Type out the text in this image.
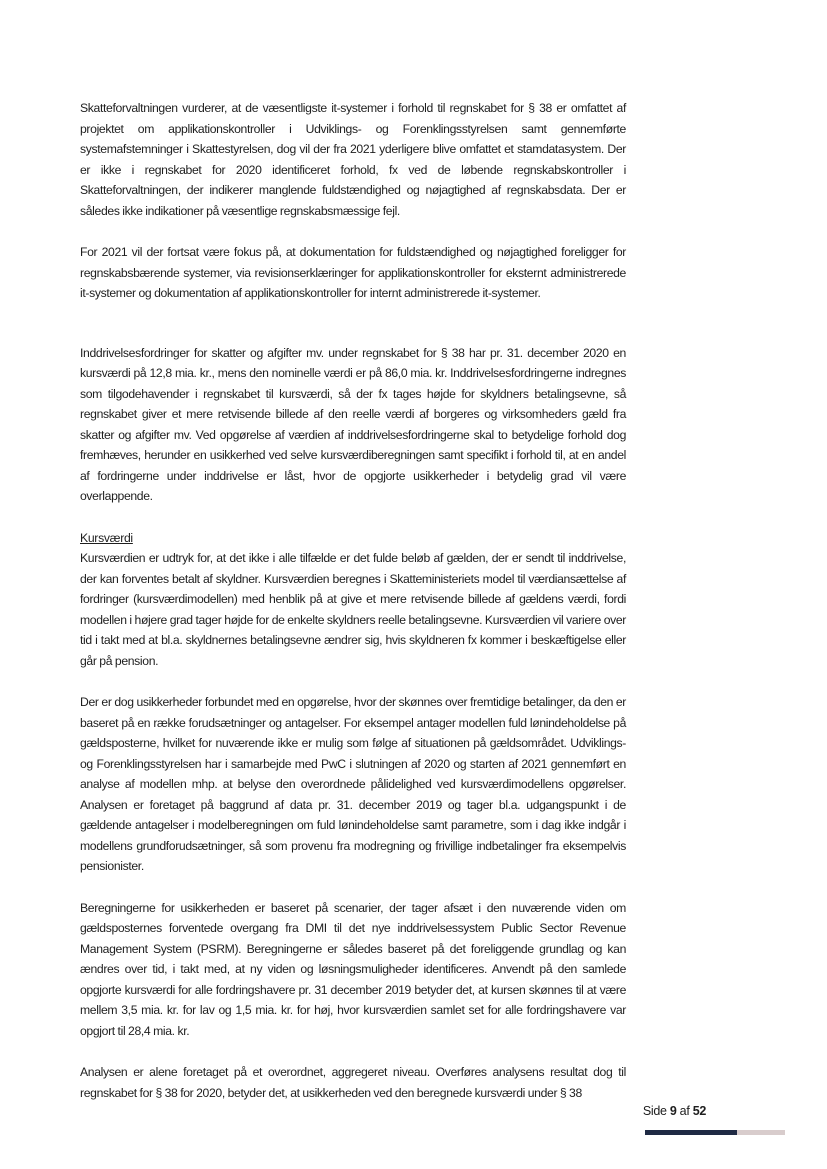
Skatteforvaltningen vurderer, at de væsentligste it-systemer i forhold til regnskabet for § 38 er omfattet af projektet om applikationskontroller i Udviklings- og Forenklingsstyrelsen samt gennemførte systemafstemninger i Skattestyrelsen, dog vil der fra 2021 yderligere blive omfattet et stamdatasystem. Der er ikke i regnskabet for 2020 identificeret forhold, fx ved de løbende regnskabskontroller i Skatteforvaltningen, der indikerer manglende fuldstændighed og nøjagtighed af regnskabsdata. Der er således ikke indikationer på væsentlige regnskabsmæssige fejl.

For 2021 vil der fortsat være fokus på, at dokumentation for fuldstændighed og nøjagtighed foreligger for regnskabsbærende systemer, via revisionserklæringer for applikationskontroller for eksternt administrerede it-systemer og dokumentation af applikationskontroller for internt administrerede it-systemer.

Inddrivelsesfordringer for skatter og afgifter mv. under regnskabet for § 38 har pr. 31. december 2020 en kursværdi på 12,8 mia. kr., mens den nominelle værdi er på 86,0 mia. kr. Inddrivelsesfordringerne indregnes som tilgodehavender i regnskabet til kursværdi, så der fx tages højde for skyldners betalingsevne, så regnskabet giver et mere retvisende billede af den reelle værdi af borgeres og virksomheders gæld fra skatter og afgifter mv. Ved opgørelse af værdien af inddrivelsesfordringerne skal to betydelige forhold dog fremhæves, herunder en usikkerhed ved selve kursværdiberegningen samt specifikt i forhold til, at en andel af fordringerne under inddrivelse er låst, hvor de opgjorte usikkerheder i betydelig grad vil være overlappende.

Kursværdi

Kursværdien er udtryk for, at det ikke i alle tilfælde er det fulde beløb af gælden, der er sendt til inddrivelse, der kan forventes betalt af skyldner. Kursværdien beregnes i Skatteministeriets model til værdiansættelse af fordringer (kursværdimodellen) med henblik på at give et mere retvisende billede af gældens værdi, fordi modellen i højere grad tager højde for de enkelte skyldners reelle betalingsevne. Kursværdien vil variere over tid i takt med at bl.a. skyldnernes betalingsevne ændrer sig, hvis skyldneren fx kommer i beskæftigelse eller går på pension.

Der er dog usikkerheder forbundet med en opgørelse, hvor der skønnes over fremtidige betalinger, da den er baseret på en række forudsætninger og antagelser. For eksempel antager modellen fuld lønindeholdelse på gældsposterne, hvilket for nuværende ikke er mulig som følge af situationen på gældsområdet. Udviklings- og Forenklingsstyrelsen har i samarbejde med PwC i slutningen af 2020 og starten af 2021 gennemført en analyse af modellen mhp. at belyse den overordnede pålidelighed ved kursværdimodellens opgørelser. Analysen er foretaget på baggrund af data pr. 31. december 2019 og tager bl.a. udgangspunkt i de gældende antagelser i modelberegningen om fuld lønindeholdelse samt parametre, som i dag ikke indgår i modellens grundforudsætninger, så som provenu fra modregning og frivillige indbetalinger fra eksempelvis pensionister.

Beregningerne for usikkerheden er baseret på scenarier, der tager afsæt i den nuværende viden om gældsposternes forventede overgang fra DMI til det nye inddrivelsessystem Public Sector Revenue Management System (PSRM). Beregningerne er således baseret på det foreliggende grundlag og kan ændres over tid, i takt med, at ny viden og løsningsmuligheder identificeres. Anvendt på den samlede opgjorte kursværdi for alle fordringshavere pr. 31 december 2019 betyder det, at kursen skønnes til at være mellem 3,5 mia. kr. for lav og 1,5 mia. kr. for høj, hvor kursværdien samlet set for alle fordringshavere var opgjort til 28,4 mia. kr.

Analysen er alene foretaget på et overordnet, aggregeret niveau. Overføres analysens resultat dog til regnskabet for § 38 for 2020, betyder det, at usikkerheden ved den beregnede kursværdi under § 38

Side 9 af 52
